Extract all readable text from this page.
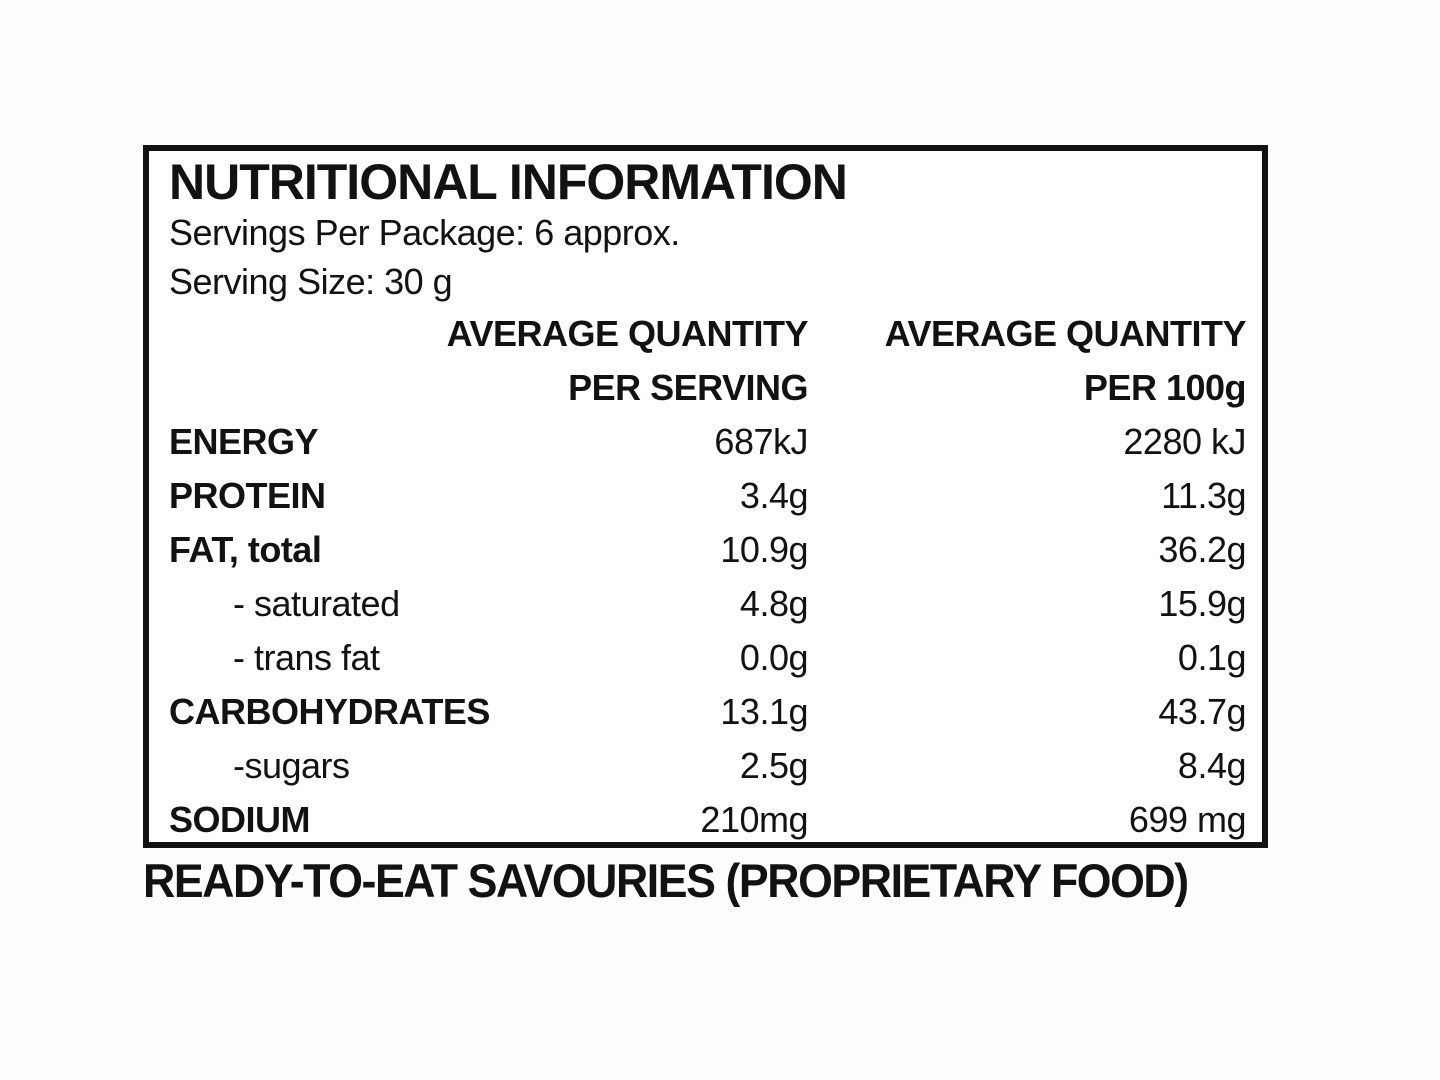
NUTRITIONAL INFORMATION
Servings Per Package: 6 approx.
Serving Size: 30 g
AVERAGE QUANTITY AVERAGE QUANTITY
PER SERVING	PER 100g
ENERGY	687kJ	2280 kJ
PROTEIN	3.4g	11.3g
FAT, total	10.9g	36.2g
- saturated	4.8g	15.9g
- trans fat	0.0g	0.1g
CARBOHYDRATES	13.1g	43.7g
-sugars	2.5g	8.4g
SODIUM	210mg	699 mg
READY-TO-EAT SAVOURIES (PROPRIETARY FOOD)
